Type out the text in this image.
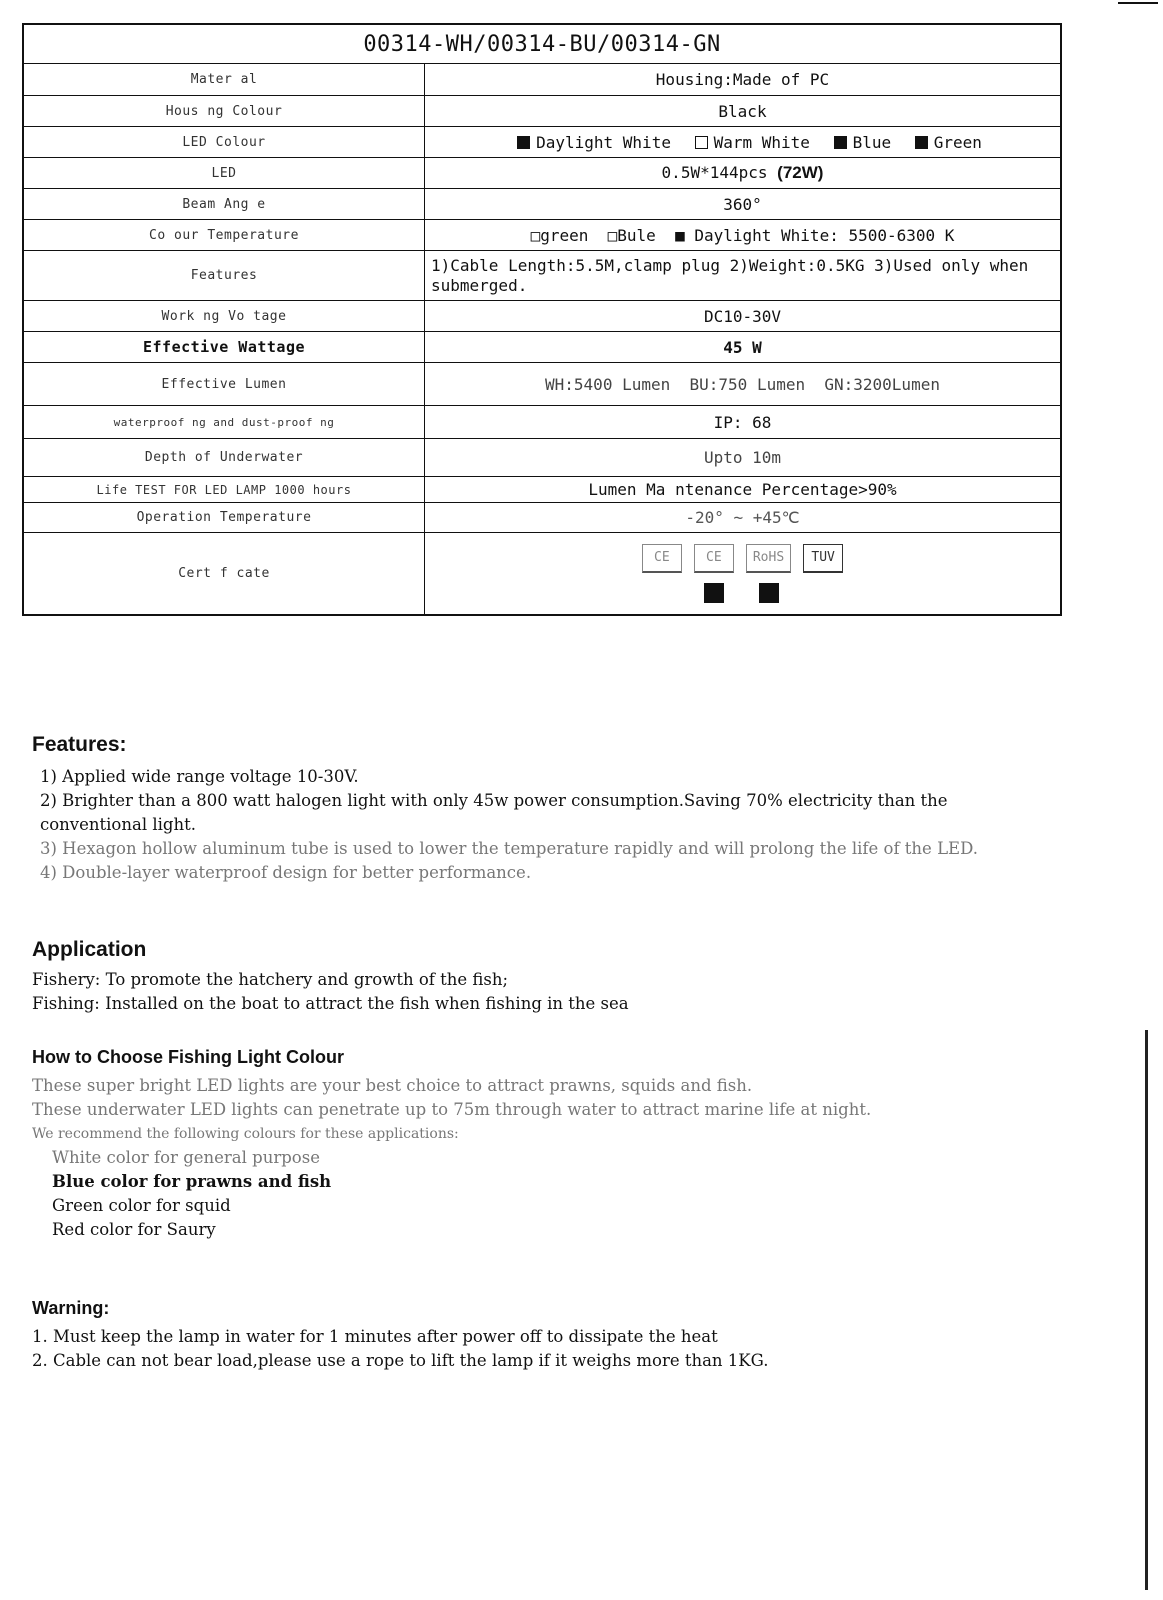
00314-WH/00314-BU/00314-GN	
Mater al	Housing:Made of PC
Hous ng Colour	Black
LED Colour	Daylight White Warm White Blue Green
LED	0.5W*144pcs (72W)
Beam Ang e	360°
Co our Temperature	□green  □Bule  ■ Daylight White: 5500-6300 K
Features	1)Cable Length:5.5M,clamp plug 2)Weight:0.5KG 3)Used only when submerged.
Work ng Vo tage	DC10-30V
Effective Wattage	45 W
Effective Lumen	WH:5400 Lumen  BU:750 Lumen  GN:3200Lumen
waterproof ng and dust-proof ng	IP: 68
Depth of Underwater	Upto 10m
Life TEST FOR LED LAMP 1000 hours	Lumen Ma ntenance Percentage>90%
Operation Temperature	-20° ~ +45℃
Cert f cate	CE CE RoHS TUV
Features:

1) Applied wide range voltage 10-30V.

2) Brighter than a 800 watt halogen light with only 45w power consumption.Saving 70% electricity than the conventional light.

3) Hexagon hollow aluminum tube is used to lower the temperature rapidly and will prolong the life of the LED.

4) Double-layer waterproof design for better performance.

Application

Fishery: To promote the hatchery and growth of the fish;

Fishing: Installed on the boat to attract the fish when fishing in the sea

How to Choose Fishing Light Colour

These super bright LED lights are your best choice to attract prawns, squids and fish.

These underwater LED lights can penetrate up to 75m through water to attract marine life at night.

We recommend the following colours for these applications:

White color for general purpose

Blue color for prawns and fish

Green color for squid

Red color for Saury

Warning:

1. Must keep the lamp in water for 1 minutes after power off to dissipate the heat

2. Cable can not bear load,please use a rope to lift the lamp if it weighs more than 1KG.
